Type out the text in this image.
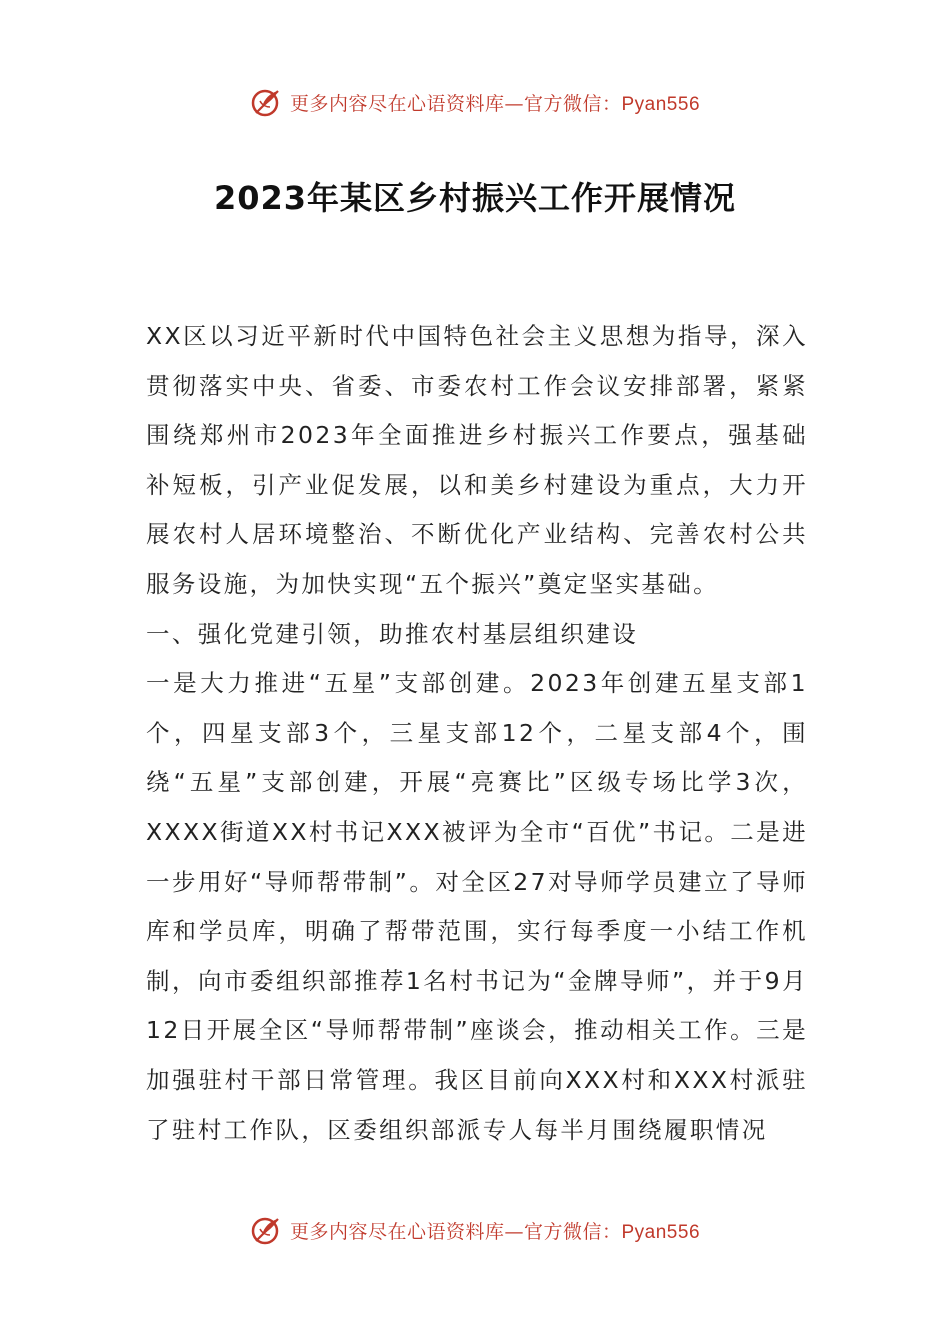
更多内容尽在心语资料库—官方微信：Pyan556
2023年某区乡村振兴工作开展情况

XX区以习近平新时代中国特色社会主义思想为指导，深入贯彻落实中央、省委、市委农村工作会议安排部署，紧紧围绕郑州市2023年全面推进乡村振兴工作要点，强基础补短板，引产业促发展，以和美乡村建设为重点，大力开展农村人居环境整治、不断优化产业结构、完善农村公共服务设施，为加快实现“五个振兴”奠定坚实基础。

一、强化党建引领，助推农村基层组织建设

一是大力推进“五星”支部创建。2023年创建五星支部1个，四星支部3个，三星支部12个，二星支部4个，围绕“五星”支部创建，开展“亮赛比”区级专场比学3次，XXXX街道XX村书记XXX被评为全市“百优”书记。二是进一步用好“导师帮带制”。对全区27对导师学员建立了导师库和学员库，明确了帮带范围，实行每季度一小结工作机制，向市委组织部推荐1名村书记为“金牌导师”，并于9月12日开展全区“导师帮带制”座谈会，推动相关工作。三是加强驻村干部日常管理。我区目前向XXX村和XXX村派驻了驻村工作队，区委组织部派专人每半月围绕履职情况

更多内容尽在心语资料库—官方微信：Pyan556
